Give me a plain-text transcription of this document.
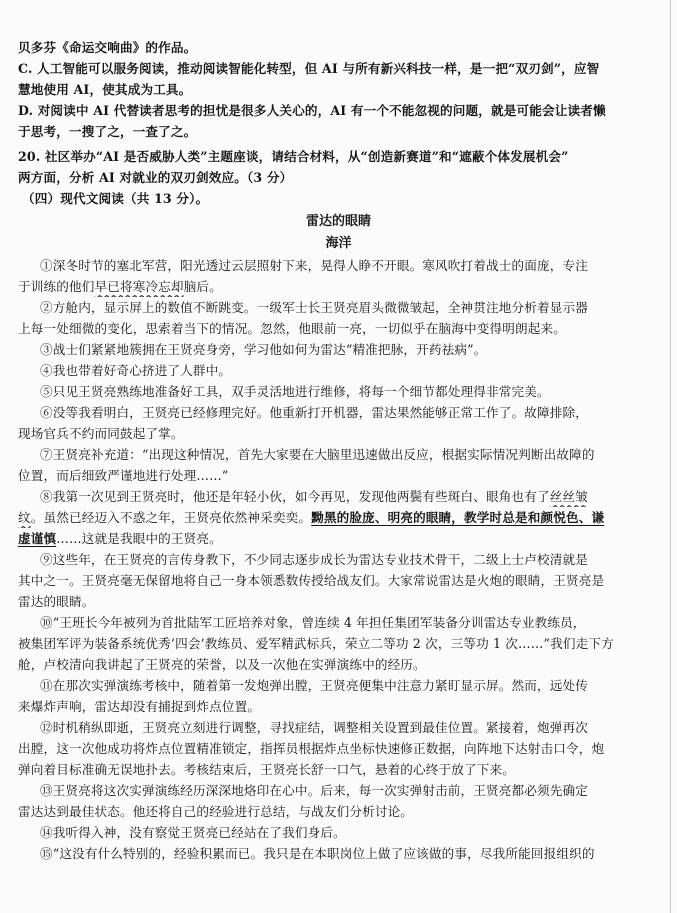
贝多芬《命运交响曲》的作品。
C. 人工智能可以服务阅读，推动阅读智能化转型，但 AI 与所有新兴科技一样，是一把“双刃剑”，应智
慧地使用 AI，使其成为工具。
D. 对阅读中 AI 代替读者思考的担忧是很多人关心的，AI 有一个不能忽视的问题，就是可能会让读者懒
于思考，一搜了之，一查了之。
20. 社区举办“AI 是否威胁人类”主题座谈，请结合材料，从“创造新赛道”和“遮蔽个体发展机会”
两方面，分析 AI 对就业的双刃剑效应。（3 分）
（四）现代文阅读（共 13 分）。
雷达的眼睛
海洋
①深冬时节的塞北军营，阳光透过云层照射下来，晃得人睁不开眼。寒风吹打着战士的面庞，专注
于训练的他们早已将寒冷忘却脑后。
②方舱内，显示屏上的数值不断跳变。一级军士长王贤亮眉头微微皱起，全神贯注地分析着显示器
上每一处细微的变化，思索着当下的情况。忽然，他眼前一亮，一切似乎在脑海中变得明朗起来。
③战士们紧紧地簇拥在王贤亮身旁，学习他如何为雷达“精准把脉，开药祛病”。
④我也带着好奇心挤进了人群中。
⑤只见王贤亮熟练地准备好工具，双手灵活地进行维修，将每一个细节都处理得非常完美。
⑥没等我看明白，王贤亮已经修理完好。他重新打开机器，雷达果然能够正常工作了。故障排除，
现场官兵不约而同鼓起了掌。
⑦王贤亮补充道：“出现这种情况，首先大家要在大脑里迅速做出反应，根据实际情况判断出故障的
位置，而后细致严谨地进行处理……”
⑧我第一次见到王贤亮时，他还是年轻小伙，如今再见，发现他两鬓有些斑白、眼角也有了丝丝皱
纹。虽然已经迈入不惑之年，王贤亮依然神采奕奕。黝黑的脸庞、明亮的眼睛，教学时总是和颜悦色、谦
虚谨慎……这就是我眼中的王贤亮。
⑨这些年，在王贤亮的言传身教下，不少同志逐步成长为雷达专业技术骨干，二级上士卢校清就是
其中之一。王贤亮毫无保留地将自己一身本领悉数传授给战友们。大家常说雷达是火炮的眼睛，王贤亮是
雷达的眼睛。
⑩“王班长今年被列为首批陆军工匠培养对象，曾连续 4 年担任集团军装备分训雷达专业教练员，
被集团军评为装备系统优秀‘四会’教练员、爱军精武标兵，荣立二等功 2 次，三等功 1 次……”我们走下方
舱，卢校清向我讲起了王贤亮的荣誉，以及一次他在实弹演练中的经历。
⑪在那次实弹演练考核中，随着第一发炮弹出膛，王贤亮便集中注意力紧盯显示屏。然而，远处传
来爆炸声响，雷达却没有捕捉到炸点位置。
⑫时机稍纵即逝，王贤亮立刻进行调整，寻找症结，调整相关设置到最佳位置。紧接着，炮弹再次
出膛，这一次他成功将炸点位置精准锁定，指挥员根据炸点坐标快速修正数据，向阵地下达射击口令，炮
弹向着目标准确无误地扑去。考核结束后，王贤亮长舒一口气，悬着的心终于放了下来。
⑬王贤亮将这次实弹演练经历深深地烙印在心中。后来，每一次实弹射击前，王贤亮都必须先确定
雷达达到最佳状态。他还将自己的经验进行总结，与战友们分析讨论。
⑭我听得入神，没有察觉王贤亮已经站在了我们身后。
⑮“这没有什么特别的，经验积累而已。我只是在本职岗位上做了应该做的事，尽我所能回报组织的
